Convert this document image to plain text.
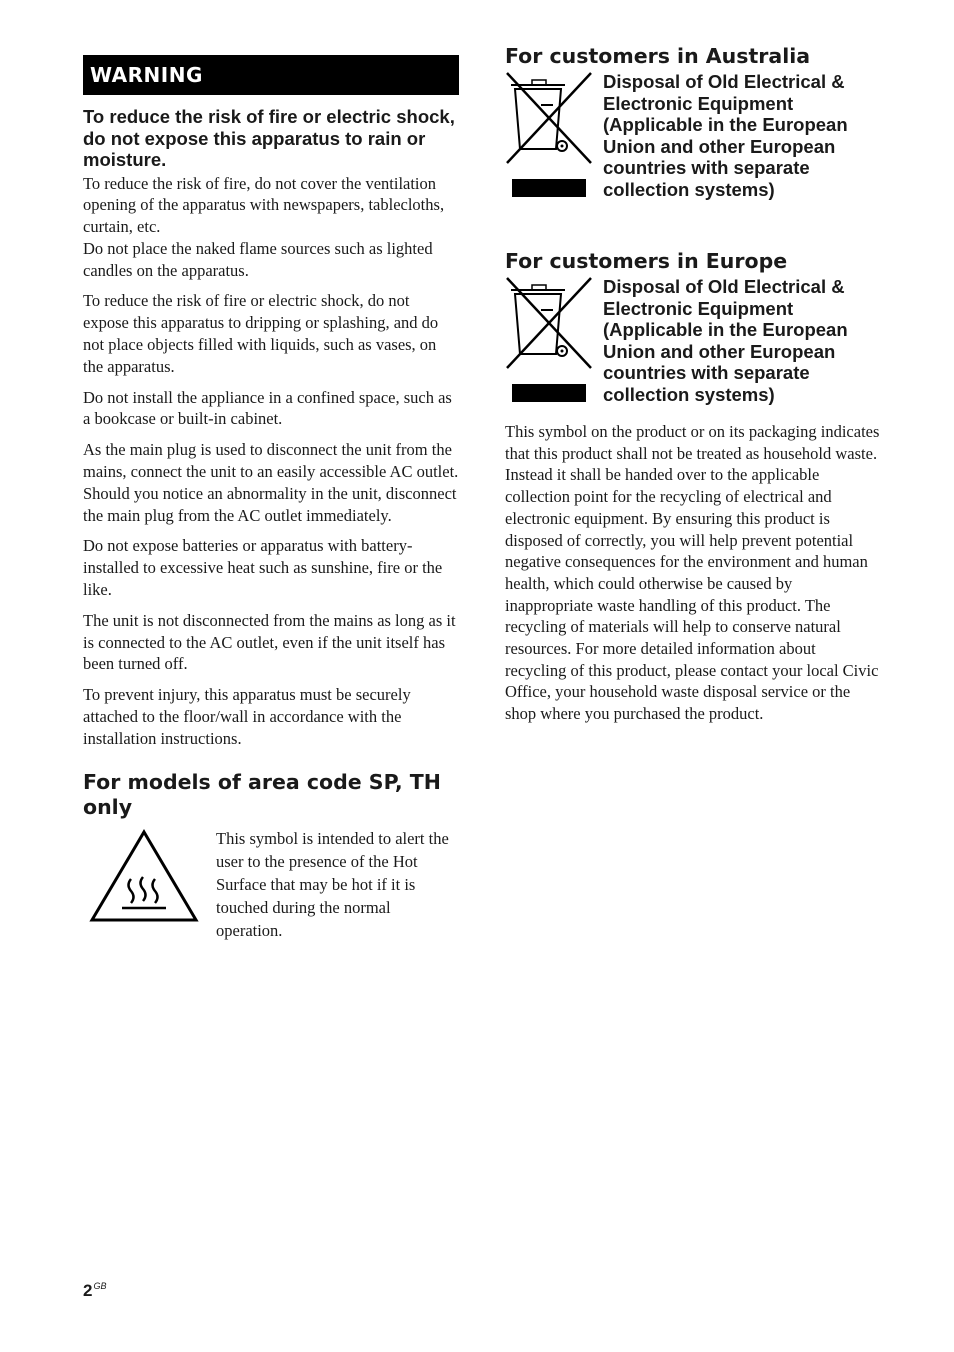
WARNING
To reduce the risk of fire or electric shock, do not expose this apparatus to rain or moisture.
To reduce the risk of fire, do not cover the ventilation opening of the apparatus with newspapers, tablecloths, curtain, etc.
Do not place the naked flame sources such as lighted candles on the apparatus.
To reduce the risk of fire or electric shock, do not expose this apparatus to dripping or splashing, and do not place objects filled with liquids, such as vases, on the apparatus.
Do not install the appliance in a confined space, such as a bookcase or built-in cabinet.
As the main plug is used to disconnect the unit from the mains, connect the unit to an easily accessible AC outlet. Should you notice an abnormality in the unit, disconnect the main plug from the AC outlet immediately.
Do not expose batteries or apparatus with battery-installed to excessive heat such as sunshine, fire or the like.
The unit is not disconnected from the mains as long as it is connected to the AC outlet, even if the unit itself has been turned off.
To prevent injury, this apparatus must be securely attached to the floor/wall in accordance with the installation instructions.
For models of area code SP, TH only
This symbol is intended to alert the user to the presence of the Hot Surface that may be hot if it is touched during the normal operation.
For customers in Australia
Disposal of Old Electrical & Electronic Equipment (Applicable in the European Union and other European countries with separate collection systems)
For customers in Europe
Disposal of Old Electrical & Electronic Equipment (Applicable in the European Union and other European countries with separate collection systems)
This symbol on the product or on its packaging indicates that this product shall not be treated as household waste. Instead it shall be handed over to the applicable collection point for the recycling of electrical and electronic equipment. By ensuring this product is disposed of correctly, you will help prevent potential negative consequences for the environment and human health, which could otherwise be caused by inappropriate waste handling of this product. The recycling of materials will help to conserve natural resources. For more detailed information about recycling of this product, please contact your local Civic Office, your household waste disposal service or the shop where you purchased the product.
$2^{GB}$
